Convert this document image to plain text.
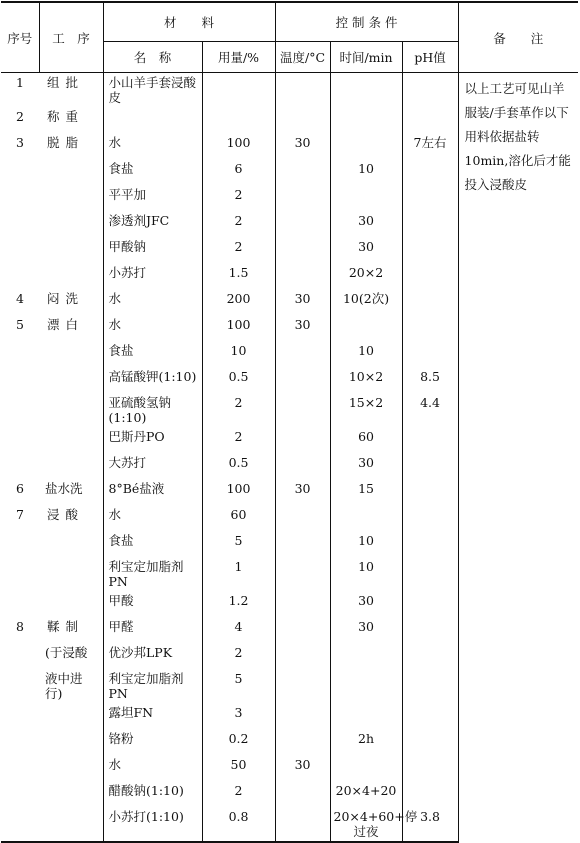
序号	工　序	材　　料		控 制 条 件			备　　注
		名　称	用量/%	温度/°C	时间/min	pH值	
1	组批	小山羊手套浸酸皮					以上工艺可见山羊服装/手套革作以下用料依据盐转10min,溶化后才能投入浸酸皮
2	称重						
3	脱脂	水	100	30		7左右	
		食盐	6		10		
		平平加	2				
		渗透剂JFC	2		30		
		甲酸钠	2		30		
		小苏打	1.5		20×2		
4	闷洗	水	200	30	10(2次)		
5	漂白	水	100	30			
		食盐	10		10		
		高锰酸钾(1:10)	0.5		10×2	8.5	
		亚硫酸氢钠(1:10)	2		15×2	4.4	
		巴斯丹PO	2		60		
		大苏打	0.5		30		
6	盐水洗	8°Bé盐液	100	30	15		
7	浸酸	水	60				
		食盐	5		10		
		利宝定加脂剂PN	1		10		
		甲酸	1.2		30		
8	鞣制	甲醛	4		30		
	(于浸酸	优沙邦LPK	2				
	液中进行)	利宝定加脂剂PN	5				
		露坦FN	3				
		铬粉	0.2		2h		
		水	50	30			
		醋酸钠(1:10)	2		20×4+20		
		小苏打(1:10)	0.8		20×4+60+停过夜	3.8	
